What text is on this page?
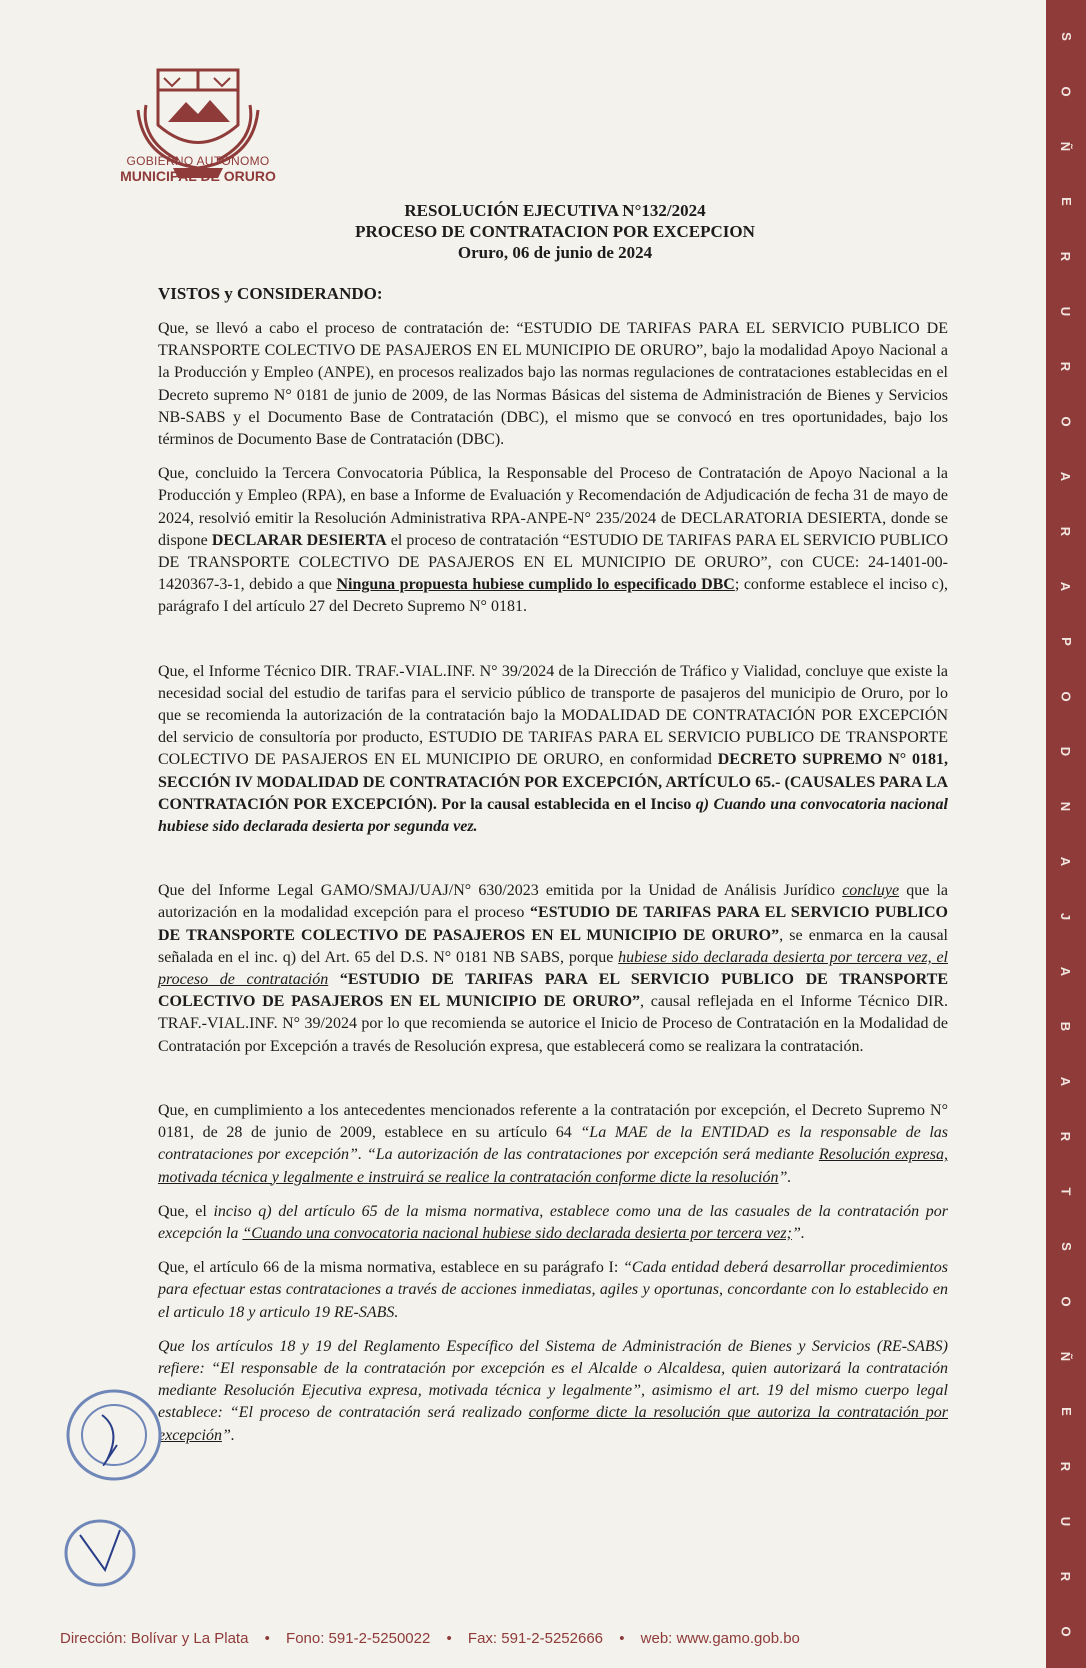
S
O
Ñ
E
R
U
R
O
A
R
A
P
O
D
N
A
J
A
B
A
R
T
S
O
Ñ
E
R
U
R
O
GOBIERNO AUTÓNOMO
MUNICIPAL DE ORURO
RESOLUCIÓN EJECUTIVA N°132/2024
PROCESO DE CONTRATACION POR EXCEPCION
Oruro, 06 de junio de 2024
VISTOS y CONSIDERANDO:

Que, se llevó a cabo el proceso de contratación de: “ESTUDIO DE TARIFAS PARA EL SERVICIO PUBLICO DE TRANSPORTE COLECTIVO DE PASAJEROS EN EL MUNICIPIO DE ORURO”, bajo la modalidad Apoyo Nacional a la Producción y Empleo (ANPE), en procesos realizados bajo las normas regulaciones de contrataciones establecidas en el Decreto supremo N° 0181 de junio de 2009, de las Normas Básicas del sistema de Administración de Bienes y Servicios NB-SABS y el Documento Base de Contratación (DBC), el mismo que se convocó en tres oportunidades, bajo los términos de Documento Base de Contratación (DBC).

Que, concluido la Tercera Convocatoria Pública, la Responsable del Proceso de Contratación de Apoyo Nacional a la Producción y Empleo (RPA), en base a Informe de Evaluación y Recomendación de Adjudicación de fecha 31 de mayo de 2024, resolvió emitir la Resolución Administrativa RPA-ANPE-N° 235/2024 de DECLARATORIA DESIERTA, donde se dispone DECLARAR DESIERTA el proceso de contratación “ESTUDIO DE TARIFAS PARA EL SERVICIO PUBLICO DE TRANSPORTE COLECTIVO DE PASAJEROS EN EL MUNICIPIO DE ORURO”, con CUCE: 24-1401-00-1420367-3-1, debido a que Ninguna propuesta hubiese cumplido lo especificado DBC; conforme establece el inciso c), parágrafo I del artículo 27 del Decreto Supremo N° 0181.

Que, el Informe Técnico DIR. TRAF.-VIAL.INF. N° 39/2024 de la Dirección de Tráfico y Vialidad, concluye que existe la necesidad social del estudio de tarifas para el servicio público de transporte de pasajeros del municipio de Oruro, por lo que se recomienda la autorización de la contratación bajo la MODALIDAD DE CONTRATACIÓN POR EXCEPCIÓN del servicio de consultoría por producto, ESTUDIO DE TARIFAS PARA EL SERVICIO PUBLICO DE TRANSPORTE COLECTIVO DE PASAJEROS EN EL MUNICIPIO DE ORURO, en conformidad DECRETO SUPREMO N° 0181, SECCIÓN IV MODALIDAD DE CONTRATACIÓN POR EXCEPCIÓN, ARTÍCULO 65.- (CAUSALES PARA LA CONTRATACIÓN POR EXCEPCIÓN). Por la causal establecida en el Inciso q) Cuando una convocatoria nacional hubiese sido declarada desierta por segunda vez.

Que del Informe Legal GAMO/SMAJ/UAJ/N° 630/2023 emitida por la Unidad de Análisis Jurídico concluye que la autorización en la modalidad excepción para el proceso “ESTUDIO DE TARIFAS PARA EL SERVICIO PUBLICO DE TRANSPORTE COLECTIVO DE PASAJEROS EN EL MUNICIPIO DE ORURO”, se enmarca en la causal señalada en el inc. q) del Art. 65 del D.S. N° 0181 NB SABS, porque hubiese sido declarada desierta por tercera vez, el proceso de contratación “ESTUDIO DE TARIFAS PARA EL SERVICIO PUBLICO DE TRANSPORTE COLECTIVO DE PASAJEROS EN EL MUNICIPIO DE ORURO”, causal reflejada en el Informe Técnico DIR. TRAF.-VIAL.INF. N° 39/2024 por lo que recomienda se autorice el Inicio de Proceso de Contratación en la Modalidad de Contratación por Excepción a través de Resolución expresa, que establecerá como se realizara la contratación.

Que, en cumplimiento a los antecedentes mencionados referente a la contratación por excepción, el Decreto Supremo N° 0181, de 28 de junio de 2009, establece en su artículo 64 “La MAE de la ENTIDAD es la responsable de las contrataciones por excepción”. “La autorización de las contrataciones por excepción será mediante Resolución expresa, motivada técnica y legalmente e instruirá se realice la contratación conforme dicte la resolución”.

Que, el inciso q) del artículo 65 de la misma normativa, establece como una de las casuales de la contratación por excepción la “Cuando una convocatoria nacional hubiese sido declarada desierta por tercera vez;”.

Que, el artículo 66 de la misma normativa, establece en su parágrafo I: “Cada entidad deberá desarrollar procedimientos para efectuar estas contrataciones a través de acciones inmediatas, agiles y oportunas, concordante con lo establecido en el articulo 18 y articulo 19 RE-SABS.

Que los artículos 18 y 19 del Reglamento Específico del Sistema de Administración de Bienes y Servicios (RE-SABS) refiere: “El responsable de la contratación por excepción es el Alcalde o Alcaldesa, quien autorizará la contratación mediante Resolución Ejecutiva expresa, motivada técnica y legalmente”, asimismo el art. 19 del mismo cuerpo legal establece: “El proceso de contratación será realizado conforme dicte la resolución que autoriza la contratación por excepción”.

Dirección: Bolívar y La Plata • Fono: 591-2-5250022 • Fax: 591-2-5252666 • web: www.gamo.gob.bo
